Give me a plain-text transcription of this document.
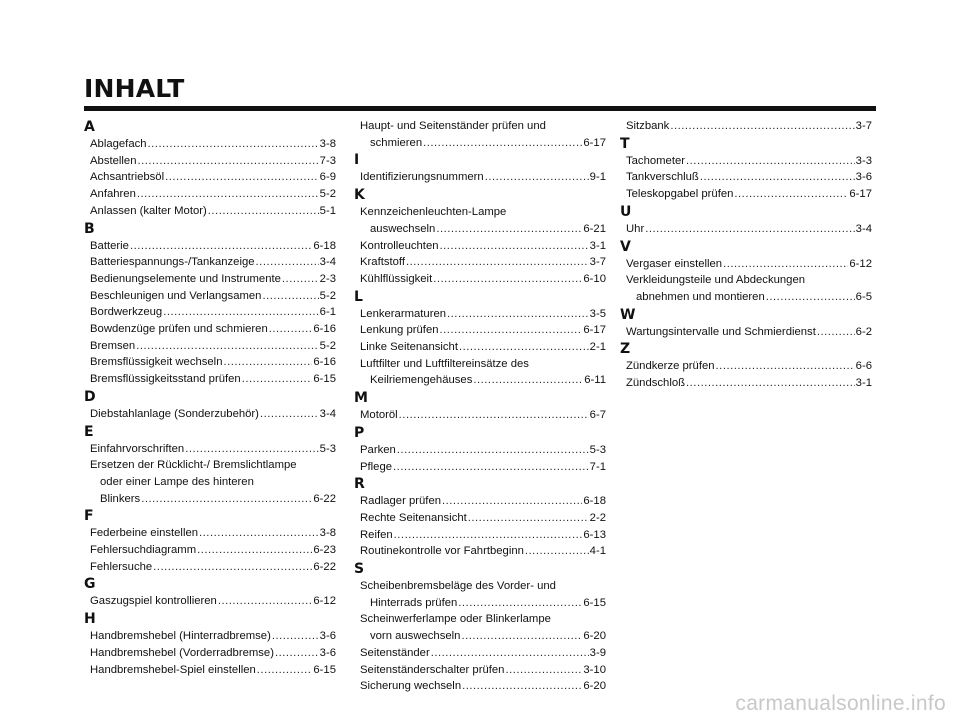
INHALT
A
Ablagefach .....	3-8
Abstellen .....	7-3
Achsantriebsöl .....	6-9
Anfahren .....	5-2
Anlassen (kalter Motor) .....	5-1
B
Batterie .....	6-18
Batteriespannungs-/Tankanzeige .....	3-4
Bedienungselemente und Instrumente .....	2-3
Beschleunigen und Verlangsamen .....	5-2
Bordwerkzeug .....	6-1
Bowdenzüge prüfen und schmieren .....	6-16
Bremsen .....	5-2
Bremsflüssigkeit wechseln .....	6-16
Bremsflüssigkeitsstand prüfen .....	6-15
D
Diebstahlanlage (Sonderzubehör) .....	3-4
E
Einfahrvorschriften .....	5-3
Ersetzen der Rücklicht-/ Bremslichtlampe
oder einer Lampe des hinteren
Blinkers .....	6-22
F
Federbeine einstellen .....	3-8
Fehlersuchdiagramm .....	6-23
Fehlersuche .....	6-22
G
Gaszugspiel kontrollieren .....	6-12
H
Handbremshebel (Hinterradbremse) .....	3-6
Handbremshebel (Vorderradbremse) .....	3-6
Handbremshebel-Spiel einstellen .....	6-15
Haupt- und Seitenständer prüfen und
schmieren .....	6-17
I
Identifizierungsnummern .....	9-1
K
Kennzeichenleuchten-Lampe
auswechseln .....	6-21
Kontrolleuchten .....	3-1
Kraftstoff .....	3-7
Kühlflüssigkeit .....	6-10
L
Lenkerarmaturen .....	3-5
Lenkung prüfen .....	6-17
Linke Seitenansicht .....	2-1
Luftfilter und Luftfiltereinsätze des
Keilriemengehäuses .....	6-11
M
Motoröl .....	6-7
P
Parken .....	5-3
Pflege .....	7-1
R
Radlager prüfen .....	6-18
Rechte Seitenansicht .....	2-2
Reifen .....	6-13
Routinekontrolle vor Fahrtbeginn .....	4-1
S
Scheibenbremsbeläge des Vorder- und
Hinterrads prüfen .....	6-15
Scheinwerferlampe oder Blinkerlampe
vorn auswechseln .....	6-20
Seitenständer .....	3-9
Seitenständerschalter prüfen .....	3-10
Sicherung wechseln .....	6-20
Sitzbank .....	3-7
T
Tachometer .....	3-3
Tankverschluß .....	3-6
Teleskopgabel prüfen .....	6-17
U
Uhr .....	3-4
V
Vergaser einstellen .....	6-12
Verkleidungsteile und Abdeckungen
abnehmen und montieren .....	6-5
W
Wartungsintervalle und Schmierdienst .....	6-2
Z
Zündkerze prüfen .....	6-6
Zündschloß .....	3-1
carmanualsonline.info
